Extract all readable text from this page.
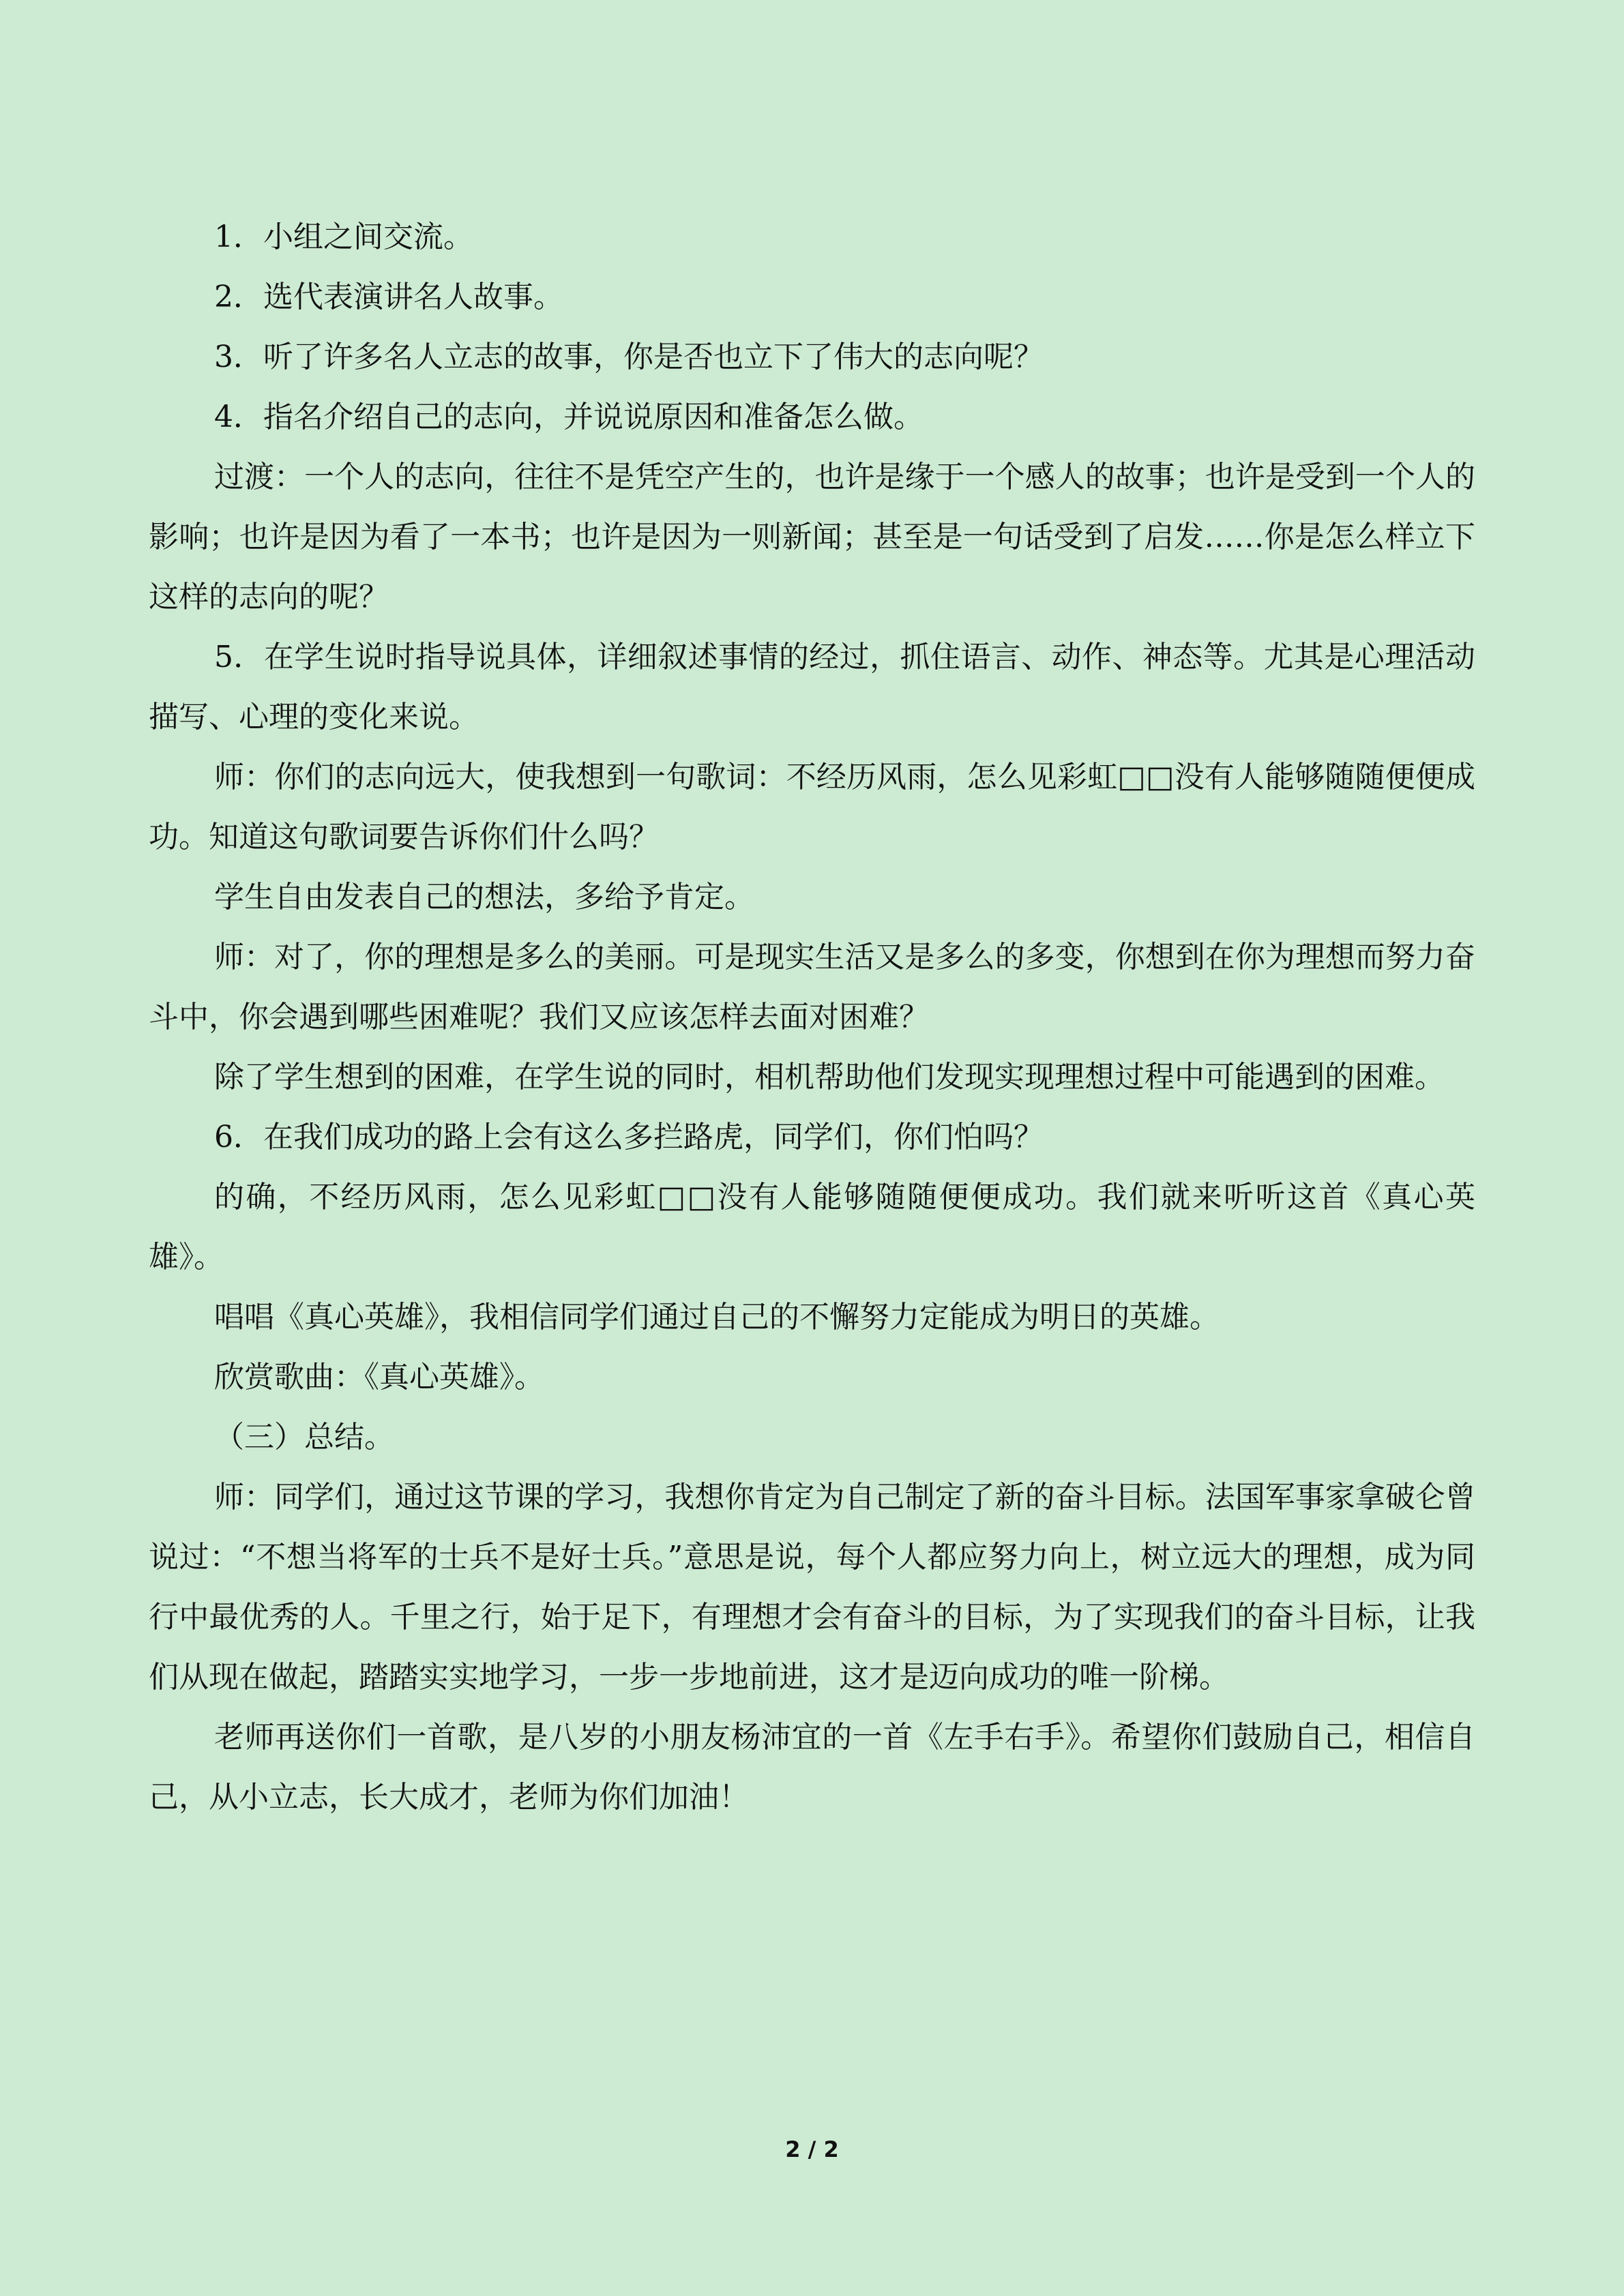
1．小组之间交流。

2．选代表演讲名人故事。

3．听了许多名人立志的故事，你是否也立下了伟大的志向呢？

4．指名介绍自己的志向，并说说原因和准备怎么做。

过渡：一个人的志向，往往不是凭空产生的，也许是缘于一个感人的故事；也许是受到一个人的影响；也许是因为看了一本书；也许是因为一则新闻；甚至是一句话受到了启发……你是怎么样立下这样的志向的呢？

5．在学生说时指导说具体，详细叙述事情的经过，抓住语言、动作、神态等。尤其是心理活动描写、心理的变化来说。

师：你们的志向远大，使我想到一句歌词：不经历风雨，怎么见彩虹□□没有人能够随随便便成功。知道这句歌词要告诉你们什么吗？

学生自由发表自己的想法，多给予肯定。

师：对了，你的理想是多么的美丽。可是现实生活又是多么的多变，你想到在你为理想而努力奋斗中，你会遇到哪些困难呢？我们又应该怎样去面对困难？

除了学生想到的困难，在学生说的同时，相机帮助他们发现实现理想过程中可能遇到的困难。

6．在我们成功的路上会有这么多拦路虎，同学们，你们怕吗？

的确，不经历风雨，怎么见彩虹□□没有人能够随随便便成功。我们就来听听这首《真心英雄》。

唱唱《真心英雄》，我相信同学们通过自己的不懈努力定能成为明日的英雄。

欣赏歌曲：《真心英雄》。

（三）总结。

师：同学们，通过这节课的学习，我想你肯定为自己制定了新的奋斗目标。法国军事家拿破仑曾说过：“不想当将军的士兵不是好士兵。”意思是说，每个人都应努力向上，树立远大的理想，成为同行中最优秀的人。千里之行，始于足下，有理想才会有奋斗的目标，为了实现我们的奋斗目标，让我们从现在做起，踏踏实实地学习，一步一步地前进，这才是迈向成功的唯一阶梯。

老师再送你们一首歌，是八岁的小朋友杨沛宜的一首《左手右手》。希望你们鼓励自己，相信自己，从小立志，长大成才，老师为你们加油！

2 / 2
